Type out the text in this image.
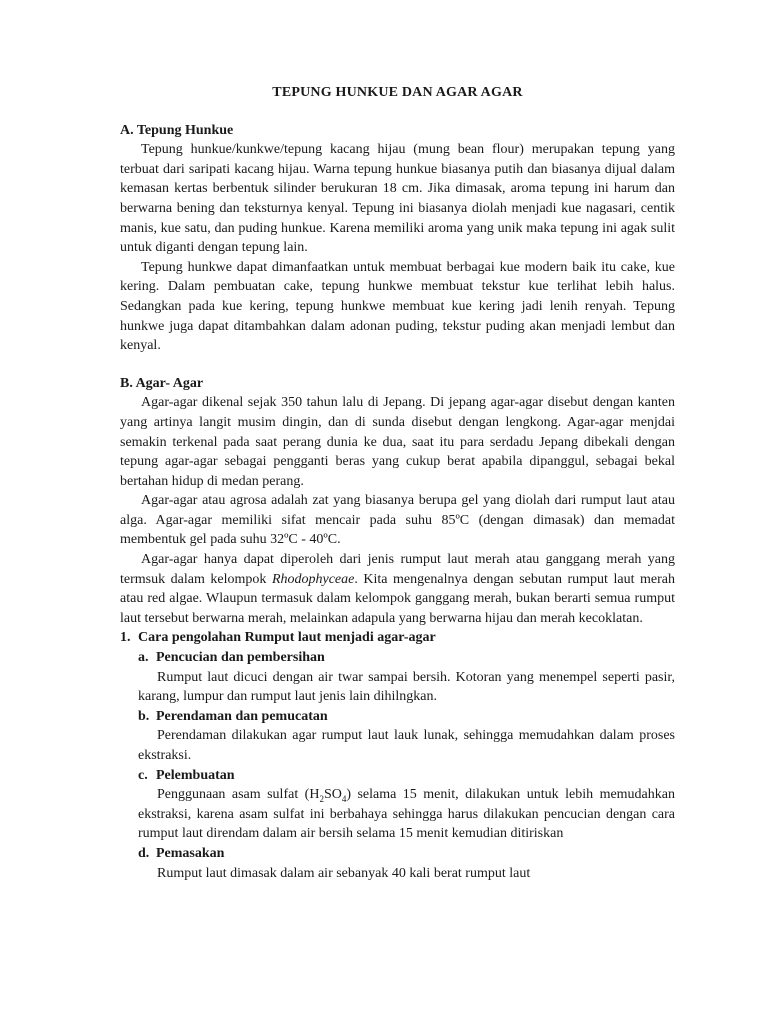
TEPUNG HUNKUE DAN AGAR AGAR

A. Tepung Hunkue

Tepung hunkue/kunkwe/tepung kacang hijau (mung bean flour) merupakan tepung yang terbuat dari saripati kacang hijau. Warna tepung hunkue biasanya putih dan biasanya dijual dalam kemasan kertas berbentuk silinder berukuran 18 cm. Jika dimasak, aroma tepung ini harum dan berwarna bening dan teksturnya kenyal. Tepung ini biasanya diolah menjadi kue nagasari, centik manis, kue satu, dan puding hunkue. Karena memiliki aroma yang unik maka tepung ini agak sulit untuk diganti dengan tepung lain.

Tepung hunkwe dapat dimanfaatkan untuk membuat berbagai kue modern baik itu cake, kue kering. Dalam pembuatan cake, tepung hunkwe membuat tekstur kue terlihat lebih halus. Sedangkan pada kue kering, tepung hunkwe membuat kue kering jadi lenih renyah. Tepung hunkwe juga dapat ditambahkan dalam adonan puding, tekstur puding akan menjadi lembut dan kenyal.

B. Agar- Agar

Agar-agar dikenal sejak 350 tahun lalu di Jepang. Di jepang agar-agar disebut dengan kanten yang artinya langit musim dingin, dan di sunda disebut dengan lengkong. Agar-agar menjdai semakin terkenal pada saat perang dunia ke dua, saat itu para serdadu Jepang dibekali dengan tepung agar-agar sebagai pengganti beras yang cukup berat apabila dipanggul, sebagai bekal bertahan hidup di medan perang.

Agar-agar atau agrosa adalah zat yang biasanya berupa gel yang diolah dari rumput laut atau alga. Agar-agar memiliki sifat mencair pada suhu 85ºC (dengan dimasak) dan memadat membentuk gel pada suhu 32ºC - 40ºC.

Agar-agar hanya dapat diperoleh dari jenis rumput laut merah atau ganggang merah yang termsuk dalam kelompok Rhodophyceae. Kita mengenalnya dengan sebutan rumput laut merah atau red algae. Wlaupun termasuk dalam kelompok ganggang merah, bukan berarti semua rumput laut tersebut berwarna merah, melainkan adapula yang berwarna hijau dan merah kecoklatan.

1. Cara pengolahan Rumput laut menjadi agar-agar

a. Pencucian dan pembersihan

Rumput laut dicuci dengan air twar sampai bersih. Kotoran yang menempel seperti pasir, karang, lumpur dan rumput laut jenis lain dihilngkan.

b. Perendaman dan pemucatan

Perendaman dilakukan agar rumput laut lauk lunak, sehingga memudahkan dalam proses ekstraksi.

c. Pelembuatan

Penggunaan asam sulfat $(H_2SO_4)$ selama 15 menit, dilakukan untuk lebih memudahkan ekstraksi, karena asam sulfat ini berbahaya sehingga harus dilakukan pencucian dengan cara rumput laut direndam dalam air bersih selama 15 menit kemudian ditiriskan

d. Pemasakan

Rumput laut dimasak dalam air sebanyak 40 kali berat rumput laut
